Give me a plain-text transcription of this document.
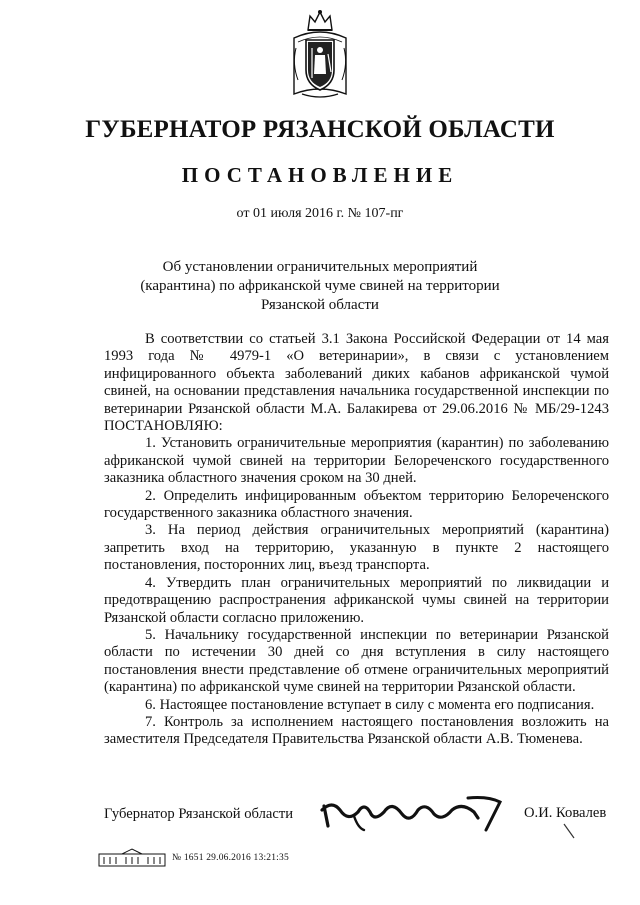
ГУБЕРНАТОР РЯЗАНСКОЙ ОБЛАСТИ
ПОСТАНОВЛЕНИЕ
от 01 июля 2016 г. № 107-пг
Об установлении ограничительных мероприятий
(карантина) по африканской чуме свиней на территории
Рязанской области

В соответствии со статьей 3.1 Закона Российской Федерации от 14 мая 1993 года № 4979-1 «О ветеринарии», в связи с установлением инфицированного объекта заболеваний диких кабанов африканской чумой свиней, на основании представления начальника государственной инспекции по ветеринарии Рязанской области М.А. Балакирева от 29.06.2016 № МБ/29-1243 ПОСТАНОВЛЯЮ:

1. Установить ограничительные мероприятия (карантин) по заболеванию африканской чумой свиней на территории Белореченского государственного заказника областного значения сроком на 30 дней.

2. Определить инфицированным объектом территорию Белореченского государственного заказника областного значения.

3. На период действия ограничительных мероприятий (карантина) запретить вход на территорию, указанную в пункте 2 настоящего постановления, посторонних лиц, въезд транспорта.

4. Утвердить план ограничительных мероприятий по ликвидации и предотвращению распространения африканской чумы свиней на территории Рязанской области согласно приложению.

5. Начальнику государственной инспекции по ветеринарии Рязанской области по истечении 30 дней со дня вступления в силу настоящего постановления внести представление об отмене ограничительных мероприятий (карантина) по африканской чуме свиней на территории Рязанской области.

6. Настоящее постановление вступает в силу с момента его подписания.

7. Контроль за исполнением настоящего постановления возложить на заместителя Председателя Правительства Рязанской области А.В. Тюменева.

Губернатор Рязанской области	О.И. Ковалев
№ 1651 29.06.2016 13:21:35
